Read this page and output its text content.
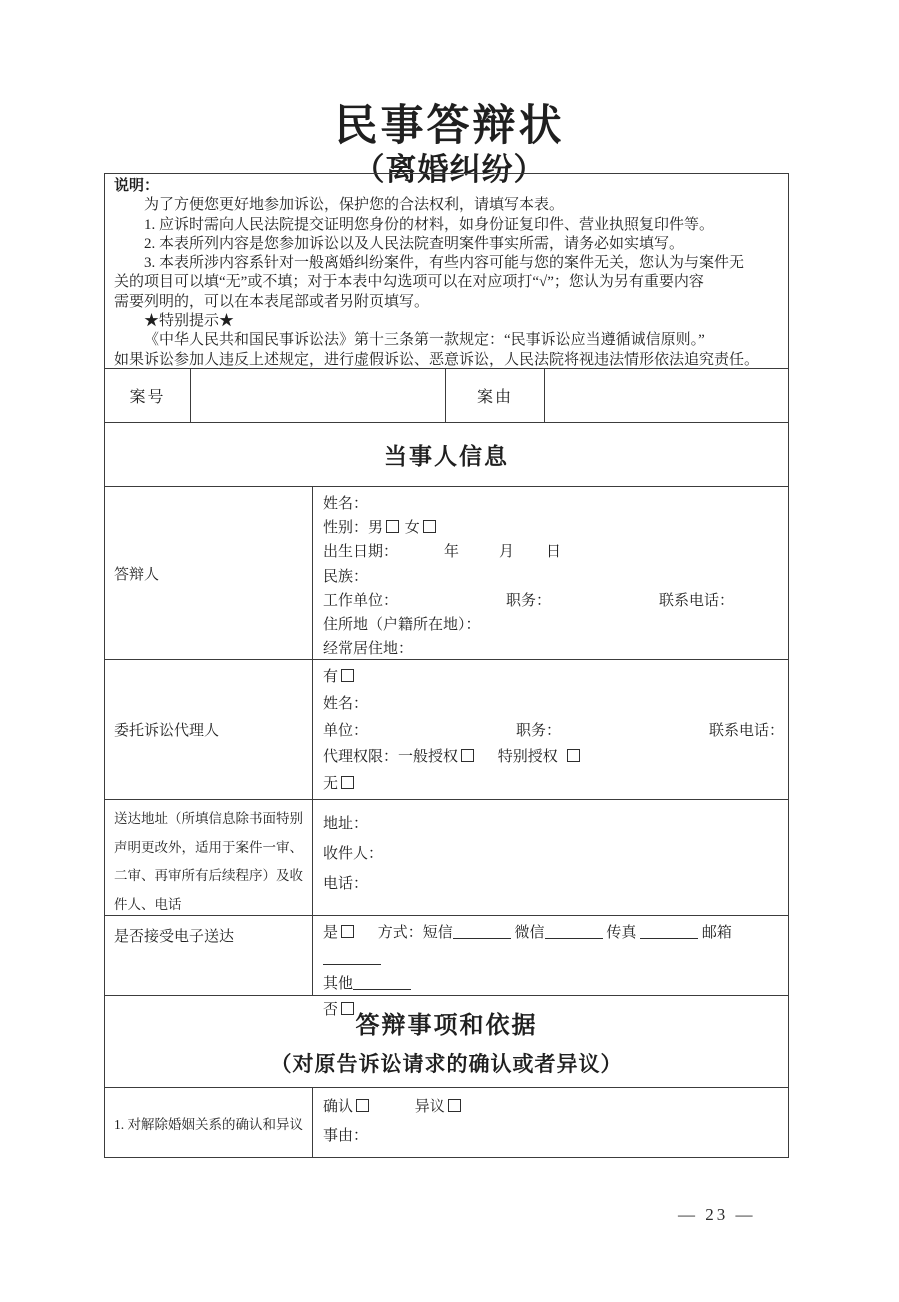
民事答辩状
（离婚纠纷）
说明：
为了方便您更好地参加诉讼，保护您的合法权利，请填写本表。
1. 应诉时需向人民法院提交证明您身份的材料，如身份证复印件、营业执照复印件等。
2. 本表所列内容是您参加诉讼以及人民法院查明案件事实所需，请务必如实填写。
3. 本表所涉内容系针对一般离婚纠纷案件，有些内容可能与您的案件无关，您认为与案件无
关的项目可以填“无”或不填；对于本表中勾选项可以在对应项打“√”；您认为另有重要内容
需要列明的，可以在本表尾部或者另附页填写。
★特别提示★
《中华人民共和国民事诉讼法》第十三条第一款规定：“民事诉讼应当遵循诚信原则。”
如果诉讼参加人违反上述规定，进行虚假诉讼、恶意诉讼，人民法院将视违法情形依法追究责任。
案号	案由
当事人信息
答辩人
姓名：
性别：男 女
出生日期：	年	月 日
民族：
工作单位：	职务：	联系电话：
住所地（户籍所在地）：
经常居住地：
委托诉讼代理人
有
姓名：
单位：	职务：	联系电话：
代理权限：一般授权	特别授权
无
送达地址（所填信息除书面特别声明更改外，适用于案件一审、二审、再审所有后续程序）及收件人、电话
地址：
收件人：
电话：
是否接受电子送达	是	方式：短信	微信	传真	邮箱
其他
否
答辩事项和依据
（对原告诉讼请求的确认或者异议）
1. 对解除婚姻关系的确认和异议
确认	异议
事由：
— 23 —
